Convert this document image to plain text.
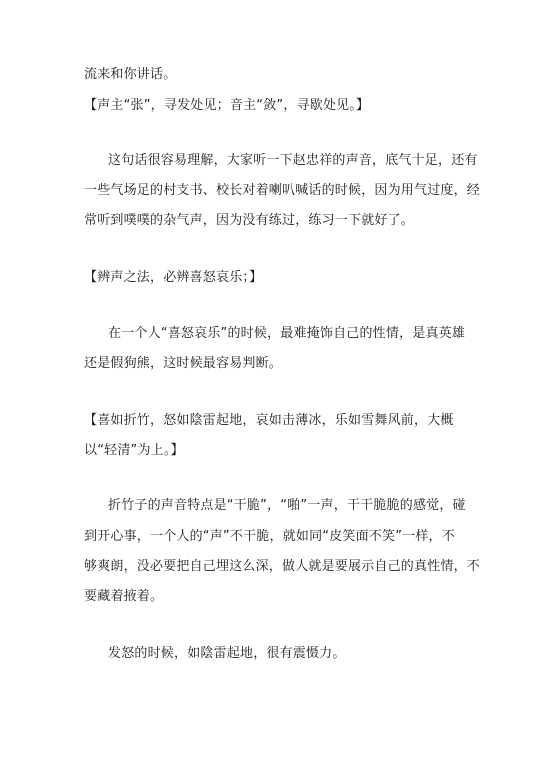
流来和你讲话。
【声主“张”，寻发处见；音主“敛”，寻歇处见。】
这句话很容易理解，大家听一下赵忠祥的声音，底气十足，还有
一些气场足的村支书、校长对着喇叭喊话的时候，因为用气过度，经
常听到噗噗的杂气声，因为没有练过，练习一下就好了。
【辨声之法，必辨喜怒哀乐；】
在一个人“喜怒哀乐”的时候，最难掩饰自己的性情，是真英雄
还是假狗熊，这时候最容易判断。
【喜如折竹，怒如陰雷起地，哀如击薄冰，乐如雪舞风前，大概
以“轻清”为上。】
折竹子的声音特点是“干脆”，“啪”一声，干干脆脆的感觉，碰
到开心事，一个人的“声”不干脆，就如同“皮笑面不笑”一样，不
够爽朗，没必要把自己埋这么深，做人就是要展示自己的真性情，不
要藏着掖着。
发怒的时候，如陰雷起地，很有震慑力。
